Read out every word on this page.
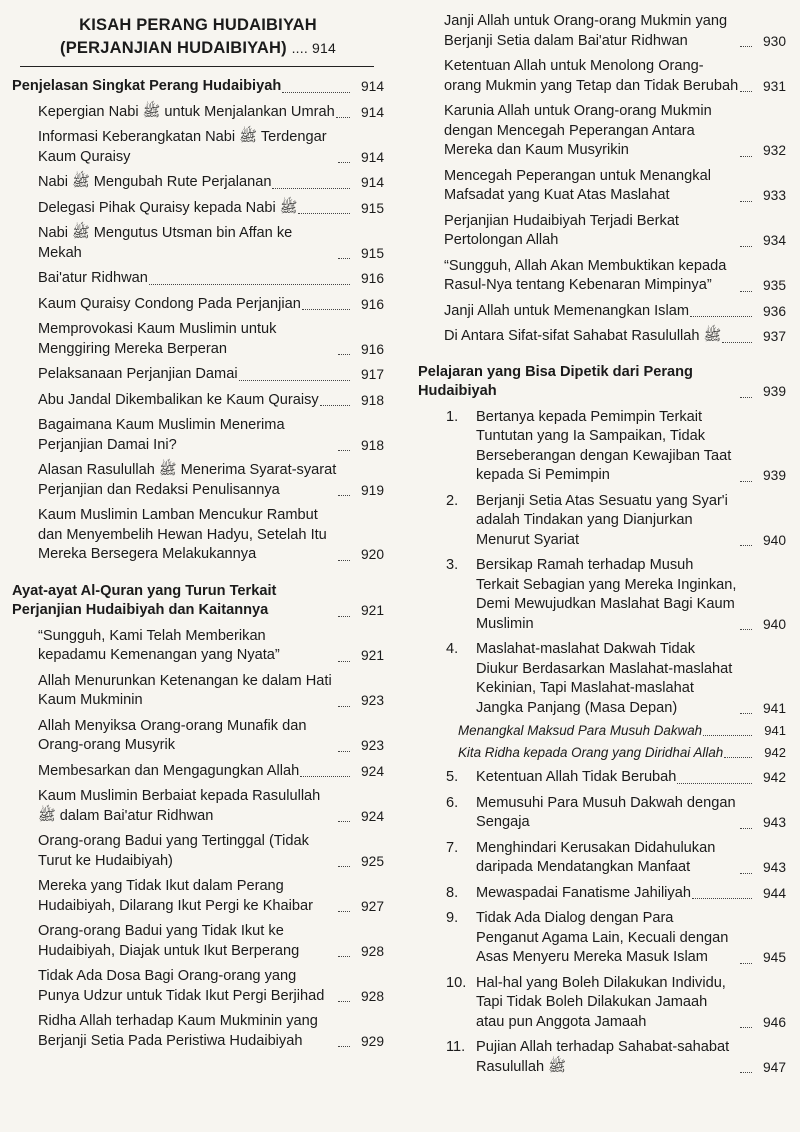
KISAH PERANG HUDAIBIYAH
(PERJANJIAN HUDAIBIYAH) .... 914
Penjelasan Singkat Perang Hudaibiyah	914
Kepergian Nabi ﷺ untuk Menjalankan Umrah	914
Informasi Keberangkatan Nabi ﷺ Terdengar Kaum Quraisy	914
Nabi ﷺ Mengubah Rute Perjalanan	914
Delegasi Pihak Quraisy kepada Nabi ﷺ	915
Nabi ﷺ Mengutus Utsman bin Affan ke Mekah	915
Bai'atur Ridhwan	916
Kaum Quraisy Condong Pada Perjanjian	916
Memprovokasi Kaum Muslimin untuk Menggiring Mereka Berperan	916
Pelaksanaan Perjanjian Damai	917
Abu Jandal Dikembalikan ke Kaum Quraisy	918
Bagaimana Kaum Muslimin Menerima Perjanjian Damai Ini?	918
Alasan Rasulullah ﷺ Menerima Syarat-syarat Perjanjian dan Redaksi Penulisannya	919
Kaum Muslimin Lamban Mencukur Rambut dan Menyembelih Hewan Hadyu, Setelah Itu Mereka Bersegera Melakukannya	920
Ayat-ayat Al-Quran yang Turun Terkait Perjanjian Hudaibiyah dan Kaitannya	921
“Sungguh, Kami Telah Memberikan kepadamu Kemenangan yang Nyata”	921
Allah Menurunkan Ketenangan ke dalam Hati Kaum Mukminin	923
Allah Menyiksa Orang-orang Munafik dan Orang-orang Musyrik	923
Membesarkan dan Mengagungkan Allah	924
Kaum Muslimin Berbaiat kepada Rasulullah ﷺ dalam Bai'atur Ridhwan	924
Orang-orang Badui yang Tertinggal (Tidak Turut ke Hudaibiyah)	925
Mereka yang Tidak Ikut dalam Perang Hudaibiyah, Dilarang Ikut Pergi ke Khaibar	927
Orang-orang Badui yang Tidak Ikut ke Hudaibiyah, Diajak untuk Ikut Berperang	928
Tidak Ada Dosa Bagi Orang-orang yang Punya Udzur untuk Tidak Ikut Pergi Berjihad	928
Ridha Allah terhadap Kaum Mukminin yang Berjanji Setia Pada Peristiwa Hudaibiyah	929
Janji Allah untuk Orang-orang Mukmin yang Berjanji Setia dalam Bai'atur Ridhwan	930
Ketentuan Allah untuk Menolong Orang-orang Mukmin yang Tetap dan Tidak Berubah	931
Karunia Allah untuk Orang-orang Mukmin dengan Mencegah Peperangan Antara Mereka dan Kaum Musyrikin	932
Mencegah Peperangan untuk Menangkal Mafsadat yang Kuat Atas Maslahat	933
Perjanjian Hudaibiyah Terjadi Berkat Pertolongan Allah	934
“Sungguh, Allah Akan Membuktikan kepada Rasul-Nya tentang Kebenaran Mimpinya”	935
Janji Allah untuk Memenangkan Islam	936
Di Antara Sifat-sifat Sahabat Rasulullah ﷺ	937
Pelajaran yang Bisa Dipetik dari Perang Hudaibiyah	939
1.	Bertanya kepada Pemimpin Terkait Tuntutan yang Ia Sampaikan, Tidak Berseberangan dengan Kewajiban Taat kepada Si Pemimpin	939
2.	Berjanji Setia Atas Sesuatu yang Syar'i adalah Tindakan yang Dianjurkan Menurut Syariat	940
3.	Bersikap Ramah terhadap Musuh Terkait Sebagian yang Mereka Inginkan, Demi Mewujudkan Maslahat Bagi Kaum Muslimin	940
4.	Maslahat-maslahat Dakwah Tidak Diukur Berdasarkan Maslahat-maslahat Kekinian, Tapi Maslahat-maslahat Jangka Panjang (Masa Depan)	941
Menangkal Maksud Para Musuh Dakwah	941
Kita Ridha kepada Orang yang Diridhai Allah	942
5.	Ketentuan Allah Tidak Berubah	942
6.	Memusuhi Para Musuh Dakwah dengan Sengaja	943
7.	Menghindari Kerusakan Didahulukan daripada Mendatangkan Manfaat	943
8.	Mewaspadai Fanatisme Jahiliyah	944
9.	Tidak Ada Dialog dengan Para Penganut Agama Lain, Kecuali dengan Asas Menyeru Mereka Masuk Islam	945
10. Hal-hal yang Boleh Dilakukan Individu, Tapi Tidak Boleh Dilakukan Jamaah atau pun Anggota Jamaah	946
11. Pujian Allah terhadap Sahabat-sahabat Rasulullah ﷺ	947
